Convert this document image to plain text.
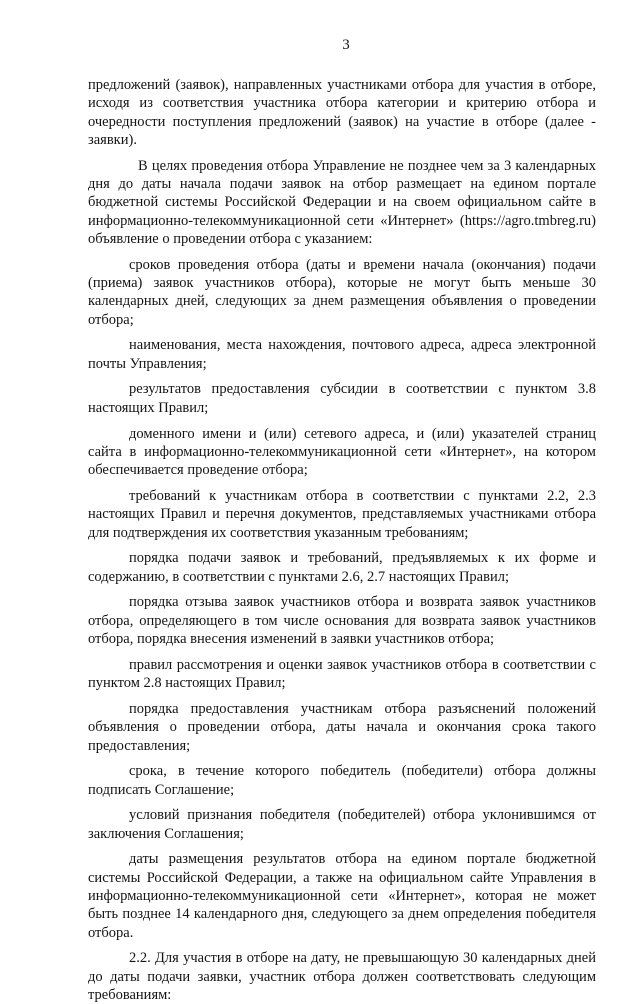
3

предложений (заявок), направленных участниками отбора для участия в отборе, исходя из соответствия участника отбора категории и критерию отбора и очередности поступления предложений (заявок) на участие в отборе (далее - заявки).

В целях проведения отбора Управление не позднее чем за 3 календарных дня до даты начала подачи заявок на отбор размещает на едином портале бюджетной системы Российской Федерации и на своем официальном сайте в информационно-телекоммуникационной сети «Интернет» (https://agro.tmbreg.ru) объявление о проведении отбора с указанием:

сроков проведения отбора (даты и времени начала (окончания) подачи (приема) заявок участников отбора), которые не могут быть меньше 30 календарных дней, следующих за днем размещения объявления о проведении отбора;

наименования, места нахождения, почтового адреса, адреса электронной почты Управления;

результатов предоставления субсидии в соответствии с пунктом 3.8 настоящих Правил;

доменного имени и (или) сетевого адреса, и (или) указателей страниц сайта в информационно-телекоммуникационной сети «Интернет», на котором обеспечивается проведение отбора;

требований к участникам отбора в соответствии с пунктами 2.2, 2.3 настоящих Правил и перечня документов, представляемых участниками отбора для подтверждения их соответствия указанным требованиям;

порядка подачи заявок и требований, предъявляемых к их форме и содержанию, в соответствии с пунктами 2.6, 2.7 настоящих Правил;

порядка отзыва заявок участников отбора и возврата заявок участников отбора, определяющего в том числе основания для возврата заявок участников отбора, порядка внесения изменений в заявки участников отбора;

правил рассмотрения и оценки заявок участников отбора в соответствии с пунктом 2.8 настоящих Правил;

порядка предоставления участникам отбора разъяснений положений объявления о проведении отбора, даты начала и окончания срока такого предоставления;

срока, в течение которого победитель (победители) отбора должны подписать Соглашение;

условий признания победителя (победителей) отбора уклонившимся от заключения Соглашения;

даты размещения результатов отбора на едином портале бюджетной системы Российской Федерации, а также на официальном сайте Управления в информационно-телекоммуникационной сети «Интернет», которая не может быть позднее 14 календарного дня, следующего за днем определения победителя отбора.

2.2. Для участия в отборе на дату, не превышающую 30 календарных дней до даты подачи заявки, участник отбора должен соответствовать следующим требованиям:
